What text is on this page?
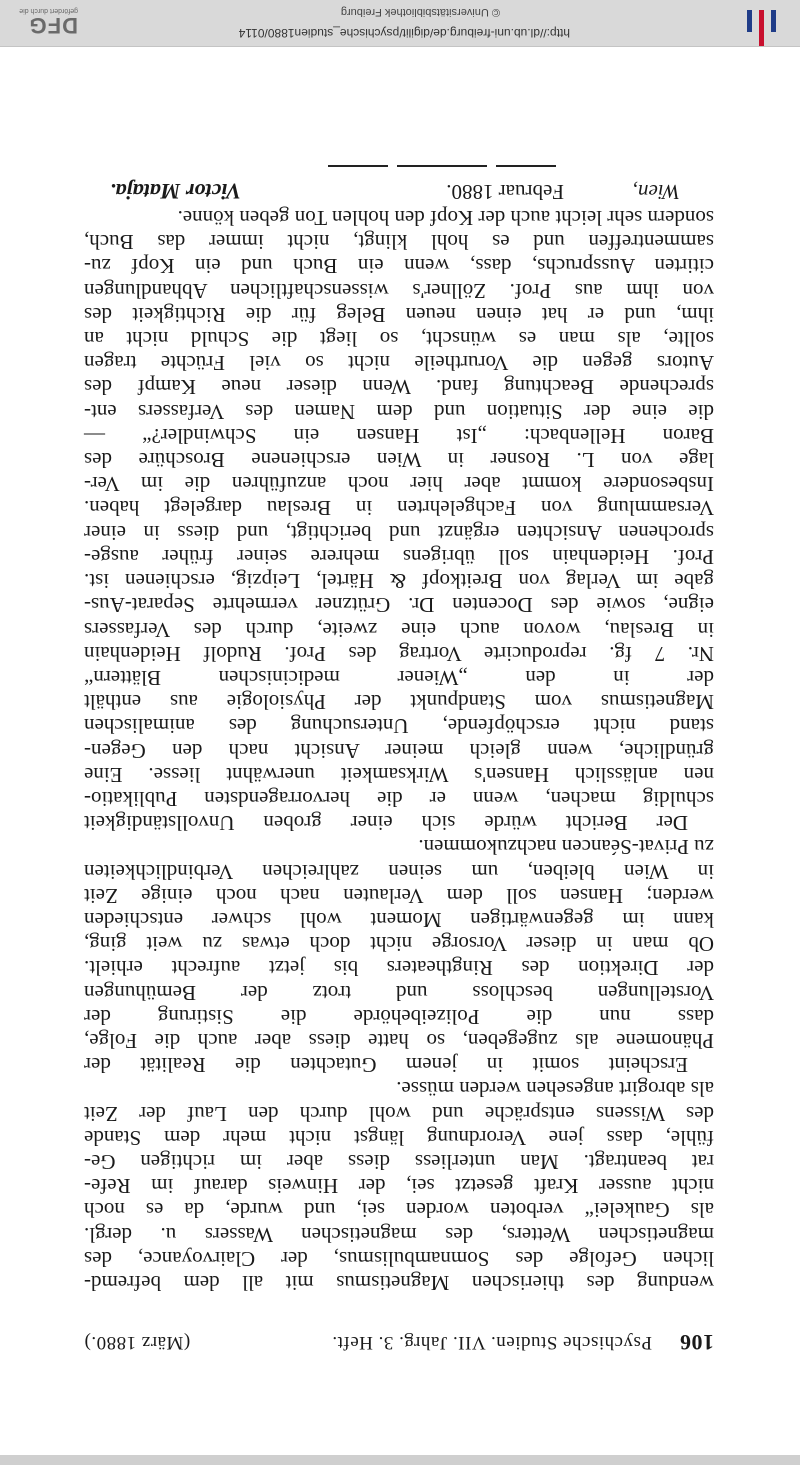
106
Psychische Studien. VII. Jahrg. 3. Heft.
(März 1880.)
wendung des thierischen Magnetismus mit all dem befremd-
lichen Gefolge des Somnambulismus, der Clairvoyance, des
magnetischen Wetters, des magnetischen Wassers u. dergl.
als Gaukelei“ verboten worden sei, und wurde, da es noch
nicht ausser Kraft gesetzt sei, der Hinweis darauf im Refe-
rat beantragt. Man unterliess diess aber im richtigen Ge-
fühle, dass jene Verordnung längst nicht mehr dem Stande
des Wissens entspräche und wohl durch den Lauf der Zeit
als abrogirt angesehen werden müsse.
Erscheint somit in jenem Gutachten die Realität der
Phänomene als zugegeben, so hatte diess aber auch die Folge,
dass nun die Polizeibehörde die Sistirung der
Vorstellungen beschloss und trotz der Bemühungen
der Direktion des Ringtheaters bis jetzt aufrecht erhielt.
Ob man in dieser Vorsorge nicht doch etwas zu weit ging,
kann im gegenwärtigen Moment wohl schwer entschieden
werden; Hansen soll dem Verlauten nach noch einige Zeit
in Wien bleiben, um seinen zahlreichen Verbindlichkeiten
zu Privat-Séancen nachzukommen.
Der Bericht würde sich einer groben Unvollständigkeit
schuldig machen, wenn er die hervorragendsten Publikatio-
nen anlässlich Hansen's Wirksamkeit unerwähnt liesse. Eine
gründliche, wenn gleich meiner Ansicht nach den Gegen-
stand nicht erschöpfende, Untersuchung des animalischen
Magnetismus vom Standpunkt der Physiologie aus enthält
der in den „Wiener medicinischen Blättern“
Nr. 7 fg. reproducirte Vortrag des Prof. Rudolf Heidenhain
in Breslau, wovon auch eine zweite, durch des Verfassers
eigne, sowie des Docenten Dr. Grützner vermehrte Separat-Aus-
gabe im Verlag von Breitkopf & Härtel, Leipzig, erschienen ist.
Prof. Heidenhain soll übrigens mehrere seiner früher ausge-
sprochenen Ansichten ergänzt und berichtigt, und diess in einer
Versammlung von Fachgelehrten in Breslau dargelegt haben.
Insbesondere kommt aber hier noch anzuführen die im Ver-
lage von L. Rosner in Wien erschienene Broschüre des
Baron Hellenbach: „Ist Hansen ein Schwindler?“ —
die eine der Situation und dem Namen des Verfassers ent-
sprechende Beachtung fand. Wenn dieser neue Kampf des
Autors gegen die Vorurtheile nicht so viel Früchte tragen
sollte, als man es wünscht, so liegt die Schuld nicht an
ihm, und er hat einen neuen Beleg für die Richtigkeit des
von ihm aus Prof. Zöllner's wissenschaftlichen Abhandlungen
citirten Ausspruchs, dass, wenn ein Buch und ein Kopf zu-
sammentreffen und es hohl klingt, nicht immer das Buch,
sondern sehr leicht auch der Kopf den hohlen Ton geben könne.
Wien,
Februar 1880.
Victor Mataja.
http://dl.ub.uni-freiburg.de/digilit/psychische_studien1880/0114
© Universitätsbibliothek Freiburg
DFG
gefördert durch die
